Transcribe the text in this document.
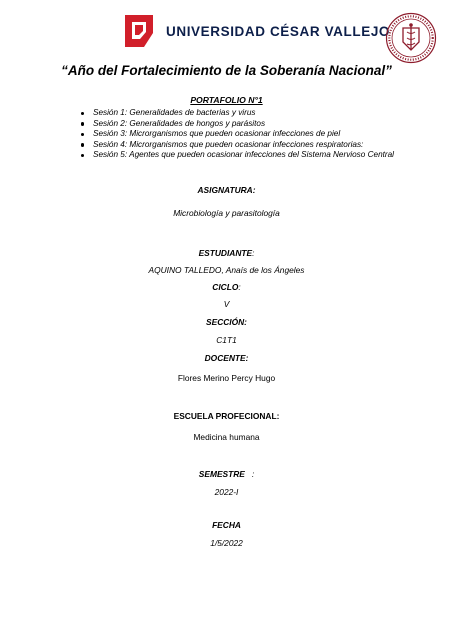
UNIVERSIDAD CÉSAR VALLEJO
“Año del Fortalecimiento de la Soberanía Nacional”
PORTAFOLIO N°1
Sesión 1: Generalidades de bacterias y virus
Sesión 2: Generalidades de hongos y parásitos
Sesión 3: Microrganismos que pueden ocasionar infecciones de piel
Sesión 4: Microrganismos que pueden ocasionar infecciones respiratorias:
Sesión 5: Agentes que pueden ocasionar infecciones del Sistema Nervioso Central
ASIGNATURA:
Microbiología y parasitología
ESTUDIANTE:
AQUINO TALLEDO, Anaís de los Ángeles
CICLO:
V
SECCIÓN:
C1T1
DOCENTE:
Flores Merino Percy Hugo
ESCUELA PROFECIONAL:
Medicina humana
SEMESTRE   :
2022-I
FECHA
1/5/2022
